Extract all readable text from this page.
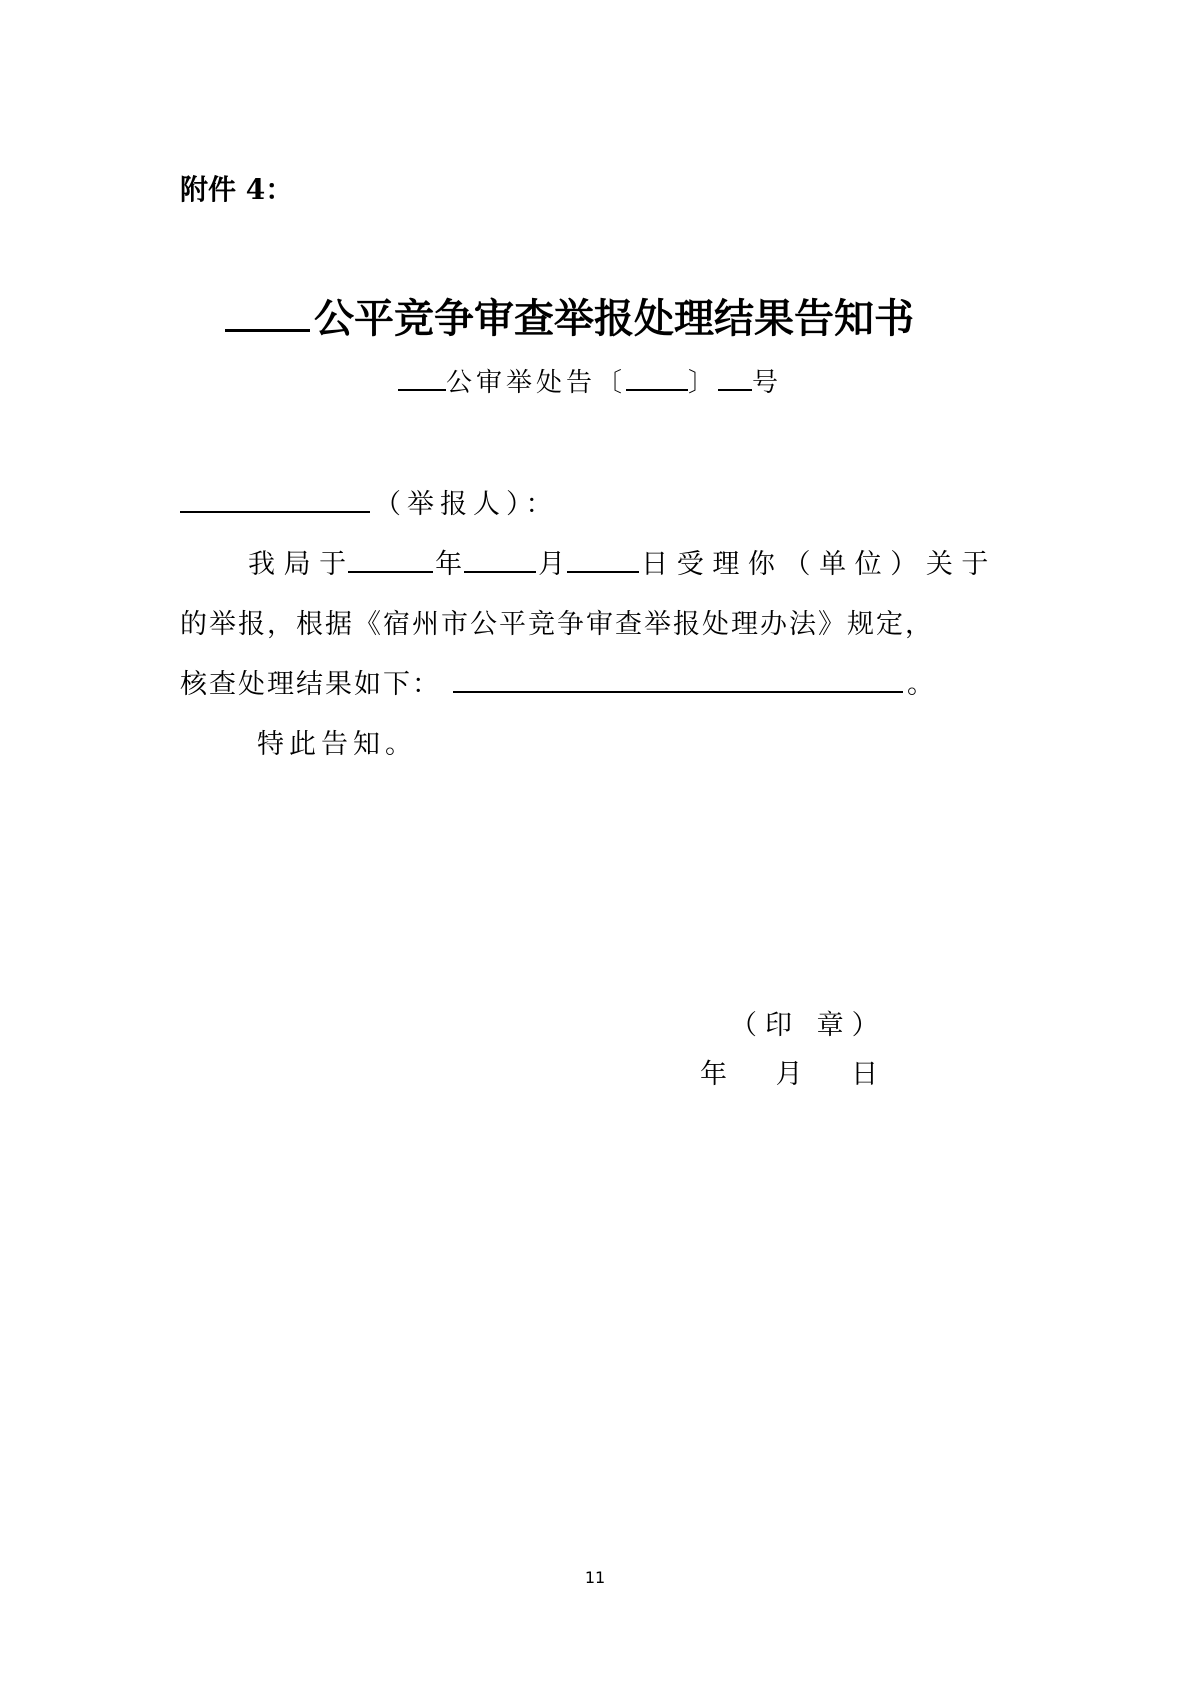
附件 4：
公平竞争审查举报处理结果告知书
公审举处告〔 〕 号
（举报人）：
我 局 于	年	月	日 受 理 你 （ 单 位 ） 关 于
的举报，根据《宿州市公平竞争审查举报处理办法》规定，
核查处理结果如下：	。
特此告知。
（印 章）
年 月 日
11
